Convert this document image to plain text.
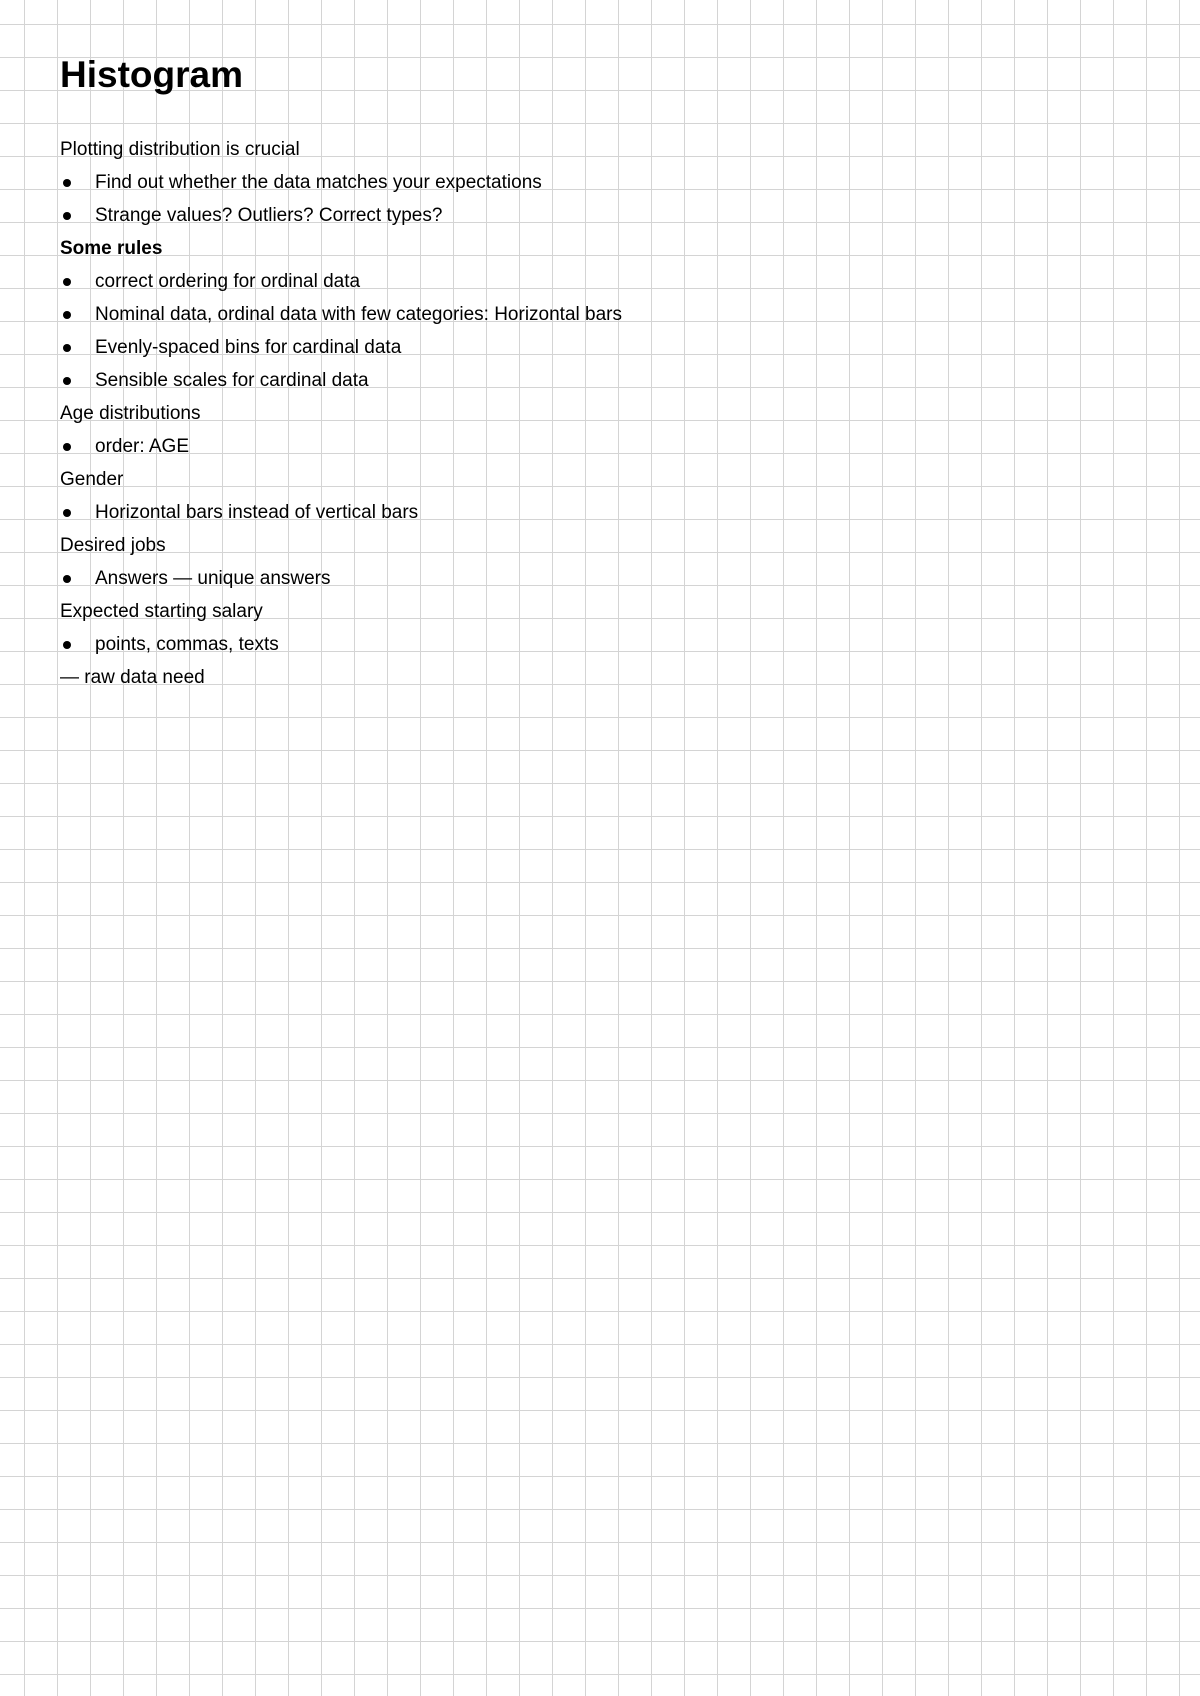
Histogram
Plotting distribution is crucial
Find out whether the data matches your expectations
Strange values? Outliers? Correct types?
Some rules
correct ordering for ordinal data
Nominal data, ordinal data with few categories: Horizontal bars
Evenly-spaced bins for cardinal data
Sensible scales for cardinal data
Age distributions
order: AGE
Gender
Horizontal bars instead of vertical bars
Desired jobs
Answers — unique answers
Expected starting salary
points, commas, texts
— raw data need
